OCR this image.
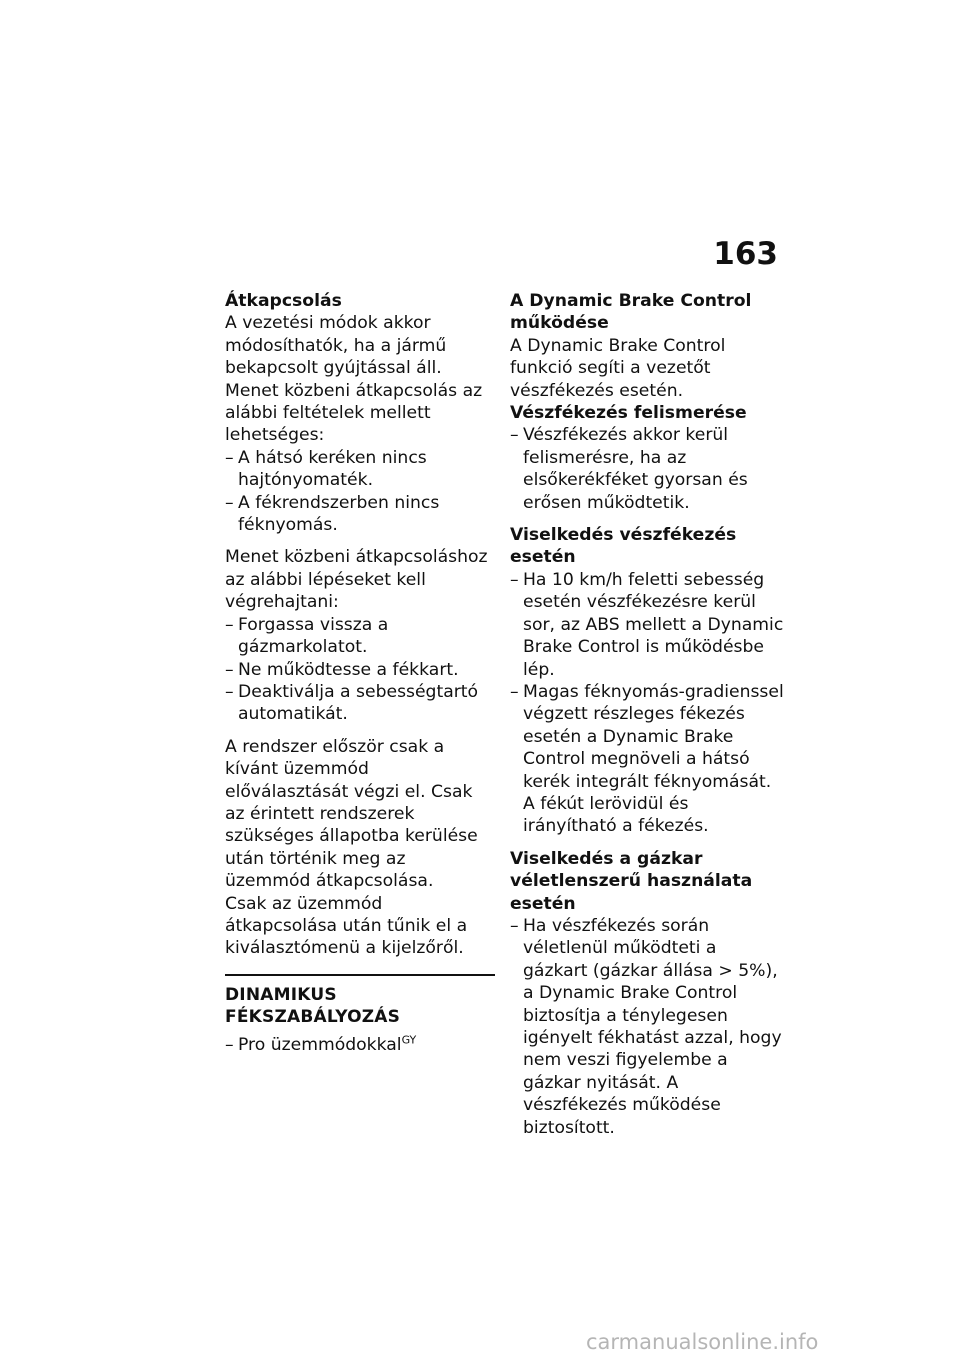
163

Átkapcsolás

A vezetési módok akkor módosíthatók, ha a jármű bekapcsolt gyújtással áll. Menet közbeni átkapcsolás az alábbi feltételek mellett lehetséges:

– A hátsó keréken nincs hajtónyomaték.
– A fékrendszerben nincs féknyomás.

Menet közbeni átkapcsoláshoz az alábbi lépéseket kell végrehajtani:

– Forgassa vissza a gázmarkolatot.
– Ne működtesse a fékkart.
– Deaktiválja a sebességtartó automatikát.

A rendszer először csak a kívánt üzemmód előválasztását végzi el. Csak az érintett rendszerek szükséges állapotba kerülése után történik meg az üzemmód átkapcsolása.

Csak az üzemmód átkapcsolása után tűnik el a kiválasztómenü a kijelzőről.

DINAMIKUS FÉKSZABÁLYOZÁS
– Pro üzemmódokkal$^{GY}$

A Dynamic Brake Control működése

A Dynamic Brake Control funkció segíti a vezetőt vészfékezés esetén.

Vészfékezés felismerése

– Vészfékezés akkor kerül felismerésre, ha az elsőkerékféket gyorsan és erősen működtetik.

Viselkedés vészfékezés esetén

– Ha 10 km/h feletti sebesség esetén vészfékezésre kerül sor, az ABS mellett a Dynamic Brake Control is működésbe lép.
– Magas féknyomás-gradienssel végzett részleges fékezés esetén a Dynamic Brake Control megnöveli a hátsó kerék integrált féknyomását. A fékút lerövidül és irányítható a fékezés.

Viselkedés a gázkar véletlenszerű használata esetén

– Ha vészfékezés során véletlenül működteti a gázkart (gázkar állása > 5%), a Dynamic Brake Control biztosítja a ténylegesen igényelt fékhatást azzal, hogy nem veszi figyelembe a gázkar nyitását. A vészfékezés működése biztosított.
carmanualsonline.info
